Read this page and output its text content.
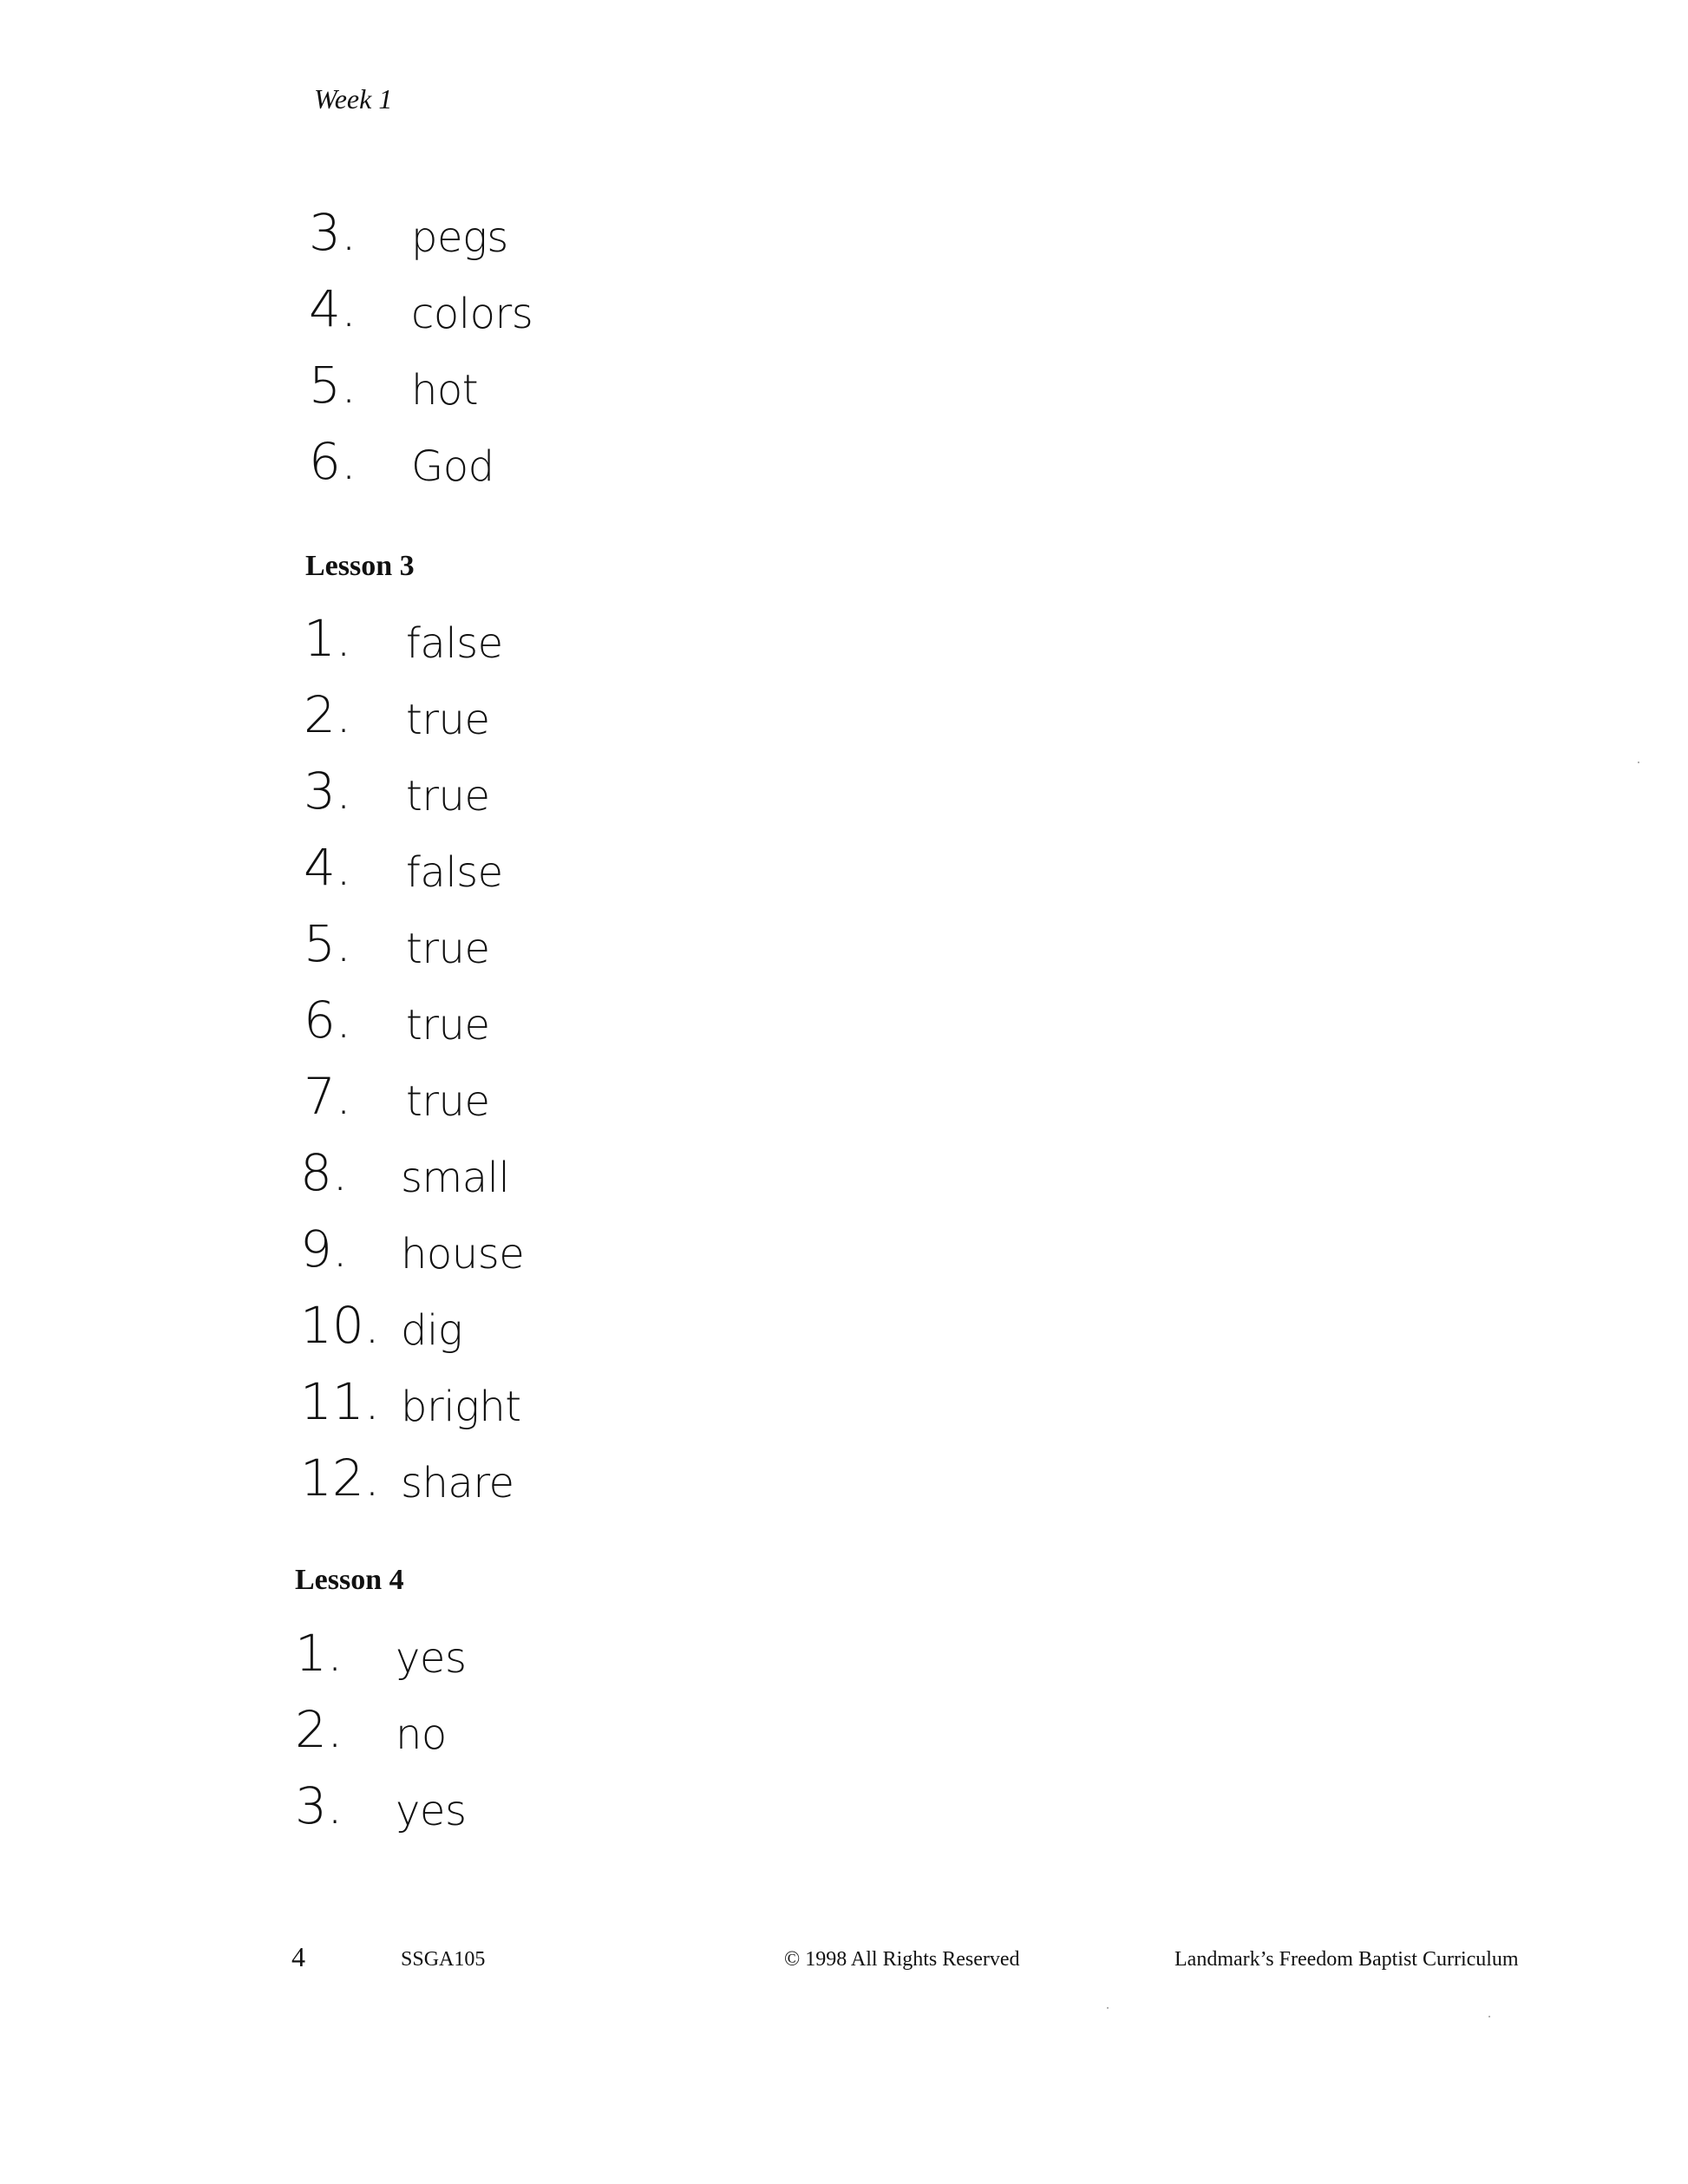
Week 1
3. pegs
4. colors
5. hot
6. God
Lesson 3
1. false
2. true
3. true
4. false
5. true
6. true
7. true
8. small
9. house
10. dig
11. bright
12. share
Lesson 4
1. yes
2. no
3. yes
4	SSGA105	© 1998 All Rights Reserved	Landmark’s Freedom Baptist Curriculum
